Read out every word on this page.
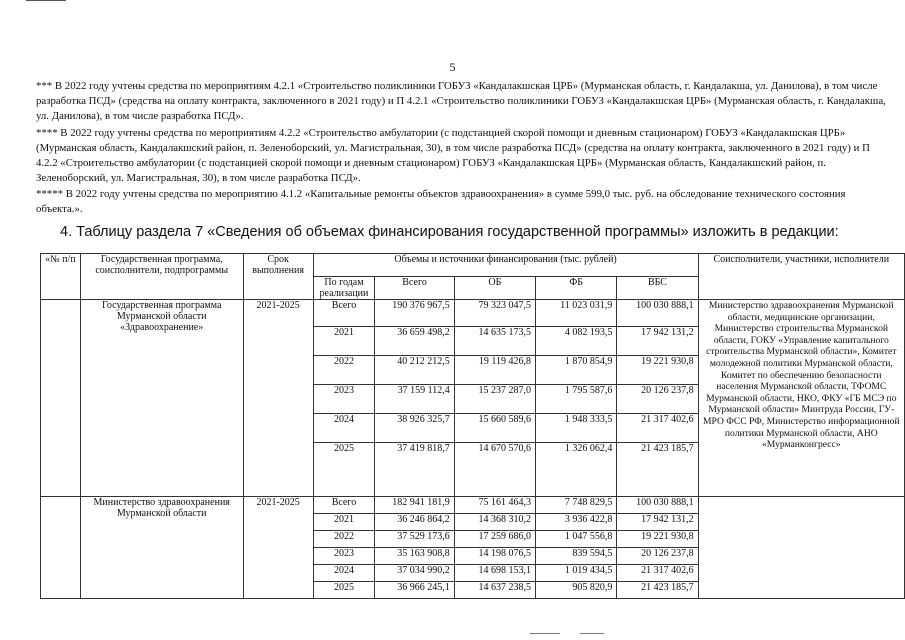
5
*** В 2022 году учтены средства по мероприятиям 4.2.1 «Строительство поликлиники ГОБУЗ «Кандалакшская ЦРБ» (Мурманская область, г. Кандалакша, ул. Данилова), в том числе разработка ПСД» (средства на оплату контракта, заключенного в 2021 году) и П 4.2.1 «Строительство поликлиники ГОБУЗ «Кандалакшская ЦРБ» (Мурманская область, г. Кандалакша, ул. Данилова), в том числе разработка ПСД».
**** В 2022 году учтены средства по мероприятиям 4.2.2 «Строительство амбулатории (с подстанцией скорой помощи и дневным стационаром) ГОБУЗ «Кандалакшская ЦРБ» (Мурманская область, Кандалакшский район, п. Зеленоборский, ул. Магистральная, 30), в том числе разработка ПСД» (средства на оплату контракта, заключенного в 2021 году) и П 4.2.2 «Строительство амбулатории (с подстанцией скорой помощи и дневным стационаром) ГОБУЗ «Кандалакшская ЦРБ» (Мурманская область, Кандалакшский район, п. Зеленоборский, ул. Магистральная, 30), в том числе разработка ПСД».
***** В 2022 году учтены средства по мероприятию 4.1.2 «Капитальные ремонты объектов здравоохранения» в сумме 599,0 тыс. руб. на обследование технического состояния объекта.».
4. Таблицу раздела 7 «Сведения об объемах финансирования государственной программы» изложить в редакции:
«№ п/п	Государственная программа, соисполнители, подпрограммы	Срок выполнения	Объемы и источники финансирования (тыс. рублей)					Соисполнители, участники, исполнители
			По годам реализации	Всего	ОБ	ФБ	ВБС	
	Государственная программа Мурманской области «Здравоохранение»	2021-2025	Всего	190 376 967,5	79 323 047,5	11 023 031,9	100 030 888,1	Министерство здравоохранения Мурманской области, медицинские организации, Министерство строительства Мурманской области, ГОКУ «Управление капитального строительства Мурманской области», Комитет молодежной политики Мурманской области, Комитет по обеспечению безопасности населения Мурманской области, ТФОМС Мурманской области, НКО, ФКУ «ГБ МСЭ по Мурманской области» Минтруда России, ГУ-МРО ФСС РФ, Министерство информационной политики Мурманской области, АНО «Мурманконгресс»
			2021	36 659 498,2	14 635 173,5	4 082 193,5	17 942 131,2	
			2022	40 212 212,5	19 119 426,8	1 870 854,9	19 221 930,8	
			2023	37 159 112,4	15 237 287,0	1 795 587,6	20 126 237,8	
			2024	38 926 325,7	15 660 589,6	1 948 333,5	21 317 402,6	
			2025	37 419 818,7	14 670 570,6	1 326 062,4	21 423 185,7	
	Министерство здравоохранения Мурманской области	2021-2025	Всего	182 941 181,9	75 161 464,3	7 748 829,5	100 030 888,1	
			2021	36 246 864,2	14 368 310,2	3 936 422,8	17 942 131,2	
			2022	37 529 173,6	17 259 686,0	1 047 556,8	19 221 930,8	
			2023	35 163 908,8	14 198 076,5	839 594,5	20 126 237,8	
			2024	37 034 990,2	14 698 153,1	1 019 434,5	21 317 402,6	
			2025	36 966 245,1	14 637 238,5	905 820,9	21 423 185,7	
